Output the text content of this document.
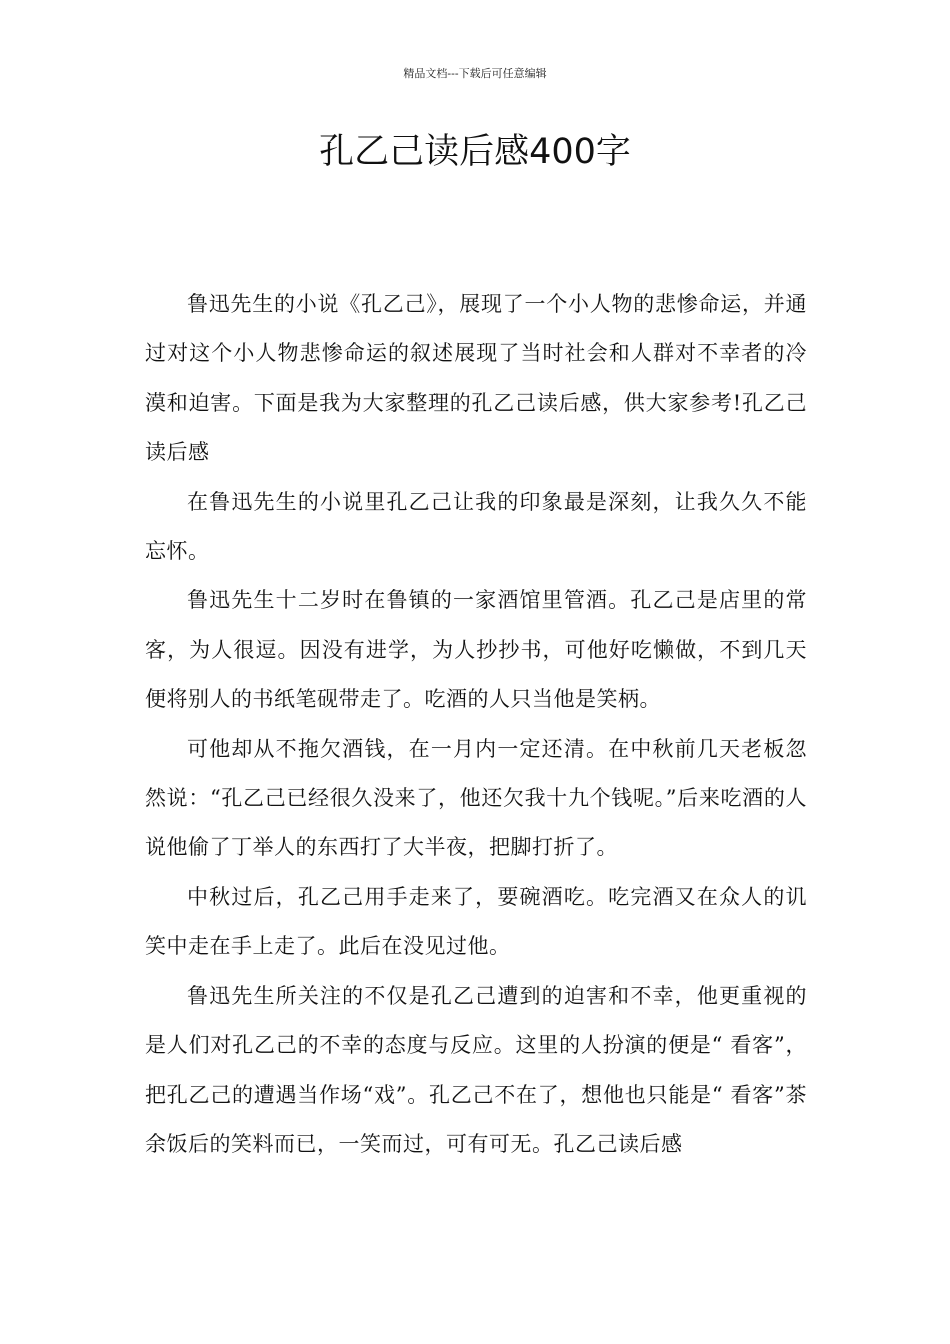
精品文档---下载后可任意编辑
孔乙己读后感400字

鲁迅先生的小说《孔乙己》，展现了一个小人物的悲惨命运，并通过对这个小人物悲惨命运的叙述展现了当时社会和人群对不幸者的冷漠和迫害。下面是我为大家整理的孔乙己读后感，供大家参考!孔乙己读后感

在鲁迅先生的小说里孔乙己让我的印象最是深刻，让我久久不能忘怀。

鲁迅先生十二岁时在鲁镇的一家酒馆里管酒。孔乙己是店里的常客，为人很逗。因没有进学，为人抄抄书，可他好吃懒做，不到几天便将别人的书纸笔砚带走了。吃酒的人只当他是笑柄。

可他却从不拖欠酒钱，在一月内一定还清。在中秋前几天老板忽然说：“孔乙己已经很久没来了，他还欠我十九个钱呢。”后来吃酒的人说他偷了丁举人的东西打了大半夜，把脚打折了。

中秋过后，孔乙己用手走来了，要碗酒吃。吃完酒又在众人的讥笑中走在手上走了。此后在没见过他。

鲁迅先生所关注的不仅是孔乙己遭到的迫害和不幸，他更重视的是人们对孔乙己的不幸的态度与反应。这里的人扮演的便是“ 看客”，把孔乙己的遭遇当作场“戏”。孔乙己不在了，想他也只能是“ 看客”茶余饭后的笑料而已，一笑而过，可有可无。孔乙己读后感
